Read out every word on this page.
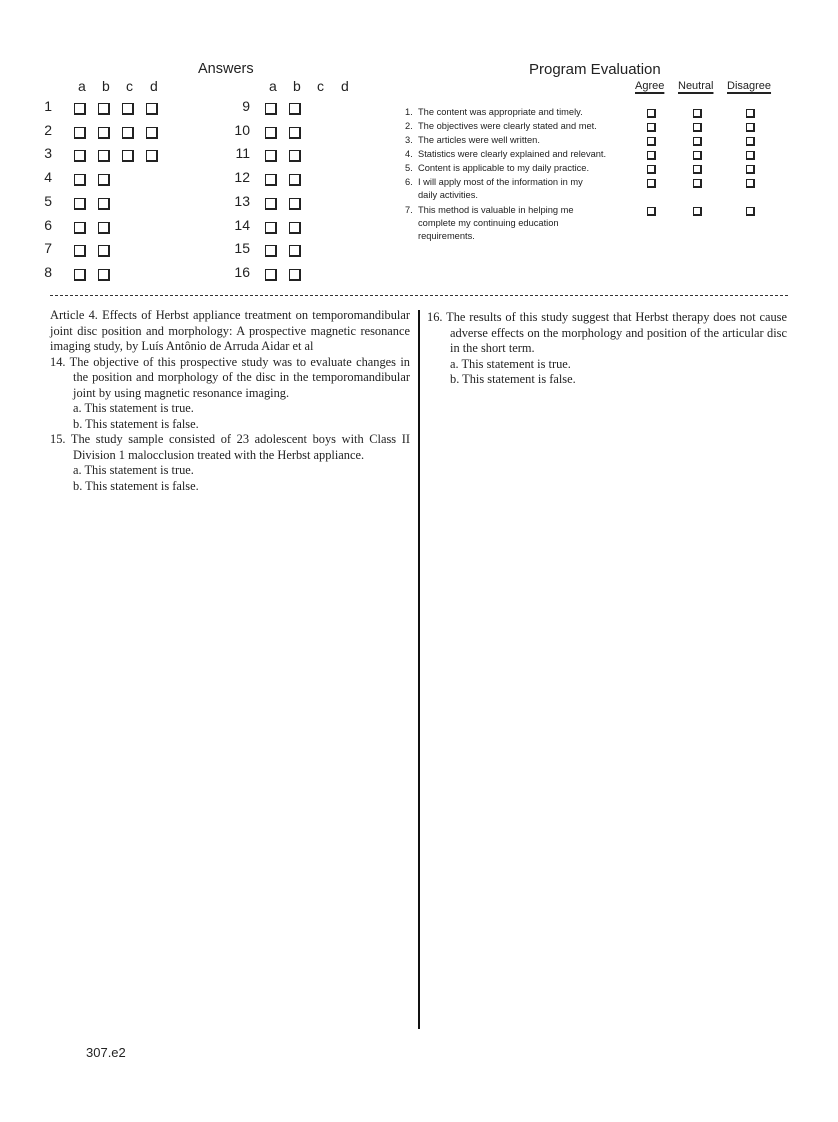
Answers
a b c d	a b c d
1
2
3
4
5
6
7
8
9
10
11
12
13
14
15
16
Program Evaluation
Agree Neutral Disagree
1. The content was appropriate and timely.
2. The objectives were clearly stated and met.
3. The articles were well written.
4. Statistics were clearly explained and relevant.
5. Content is applicable to my daily practice.
6. I will apply most of the information in my daily activities.
7. This method is valuable in helping me complete my continuing education requirements.
Article 4. Effects of Herbst appliance treatment on temporomandibular joint disc position and morphology: A prospective magnetic resonance imaging study, by Luís Antônio de Arruda Aidar et al
14. The objective of this prospective study was to evaluate changes in the position and morphology of the disc in the temporomandibular joint by using magnetic resonance imaging.
a. This statement is true.
b. This statement is false.
15. The study sample consisted of 23 adolescent boys with Class II Division 1 malocclusion treated with the Herbst appliance.
a. This statement is true.
b. This statement is false.
16. The results of this study suggest that Herbst therapy does not cause adverse effects on the morphology and position of the articular disc in the short term.
a. This statement is true.
b. This statement is false.
307.e2
